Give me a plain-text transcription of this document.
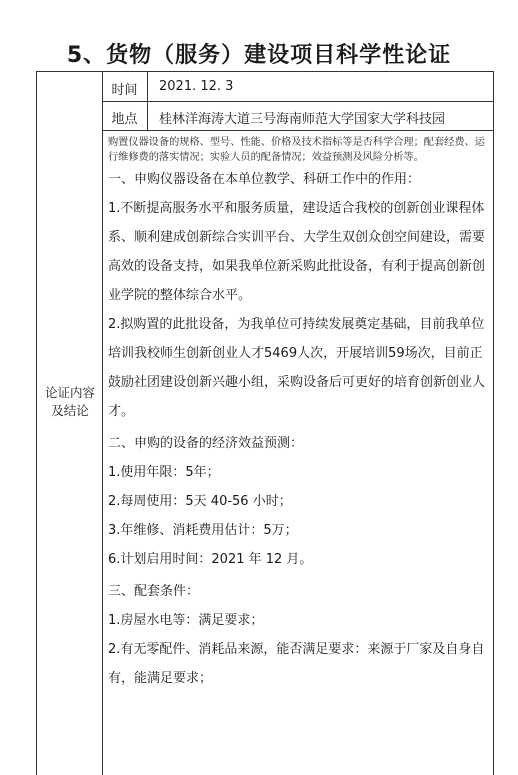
5、货物（服务）建设项目科学性论证
论证内容及结论
时间	2021. 12. 3
地点	桂林洋海涛大道三号海南师范大学国家大学科技园
购置仪器设备的规格、型号、性能、价格及技术指标等是否科学合理；配套经费、运行维修费的落实情况；实验人员的配备情况；效益预测及风险分析等。

一、申购仪器设备在本单位教学、科研工作中的作用：

1.不断提高服务水平和服务质量，建设适合我校的创新创业课程体系、顺利建成创新综合实训平台、大学生双创众创空间建设，需要高效的设备支持，如果我单位新采购此批设备，有利于提高创新创业学院的整体综合水平。

2.拟购置的此批设备，为我单位可持续发展奠定基础，目前我单位培训我校师生创新创业人才5469人次，开展培训59场次，目前正鼓励社团建设创新兴趣小组，采购设备后可更好的培育创新创业人才。

二、申购的设备的经济效益预测：

1.使用年限：5年；

2.每周使用：5天 40-56 小时；

3.年维修、消耗费用估计：5万；

6.计划启用时间：2021 年 12 月。

三、配套条件：

1.房屋水电等：满足要求；

2.有无零配件、消耗品来源，能否满足要求：来源于厂家及自身自有，能满足要求；
